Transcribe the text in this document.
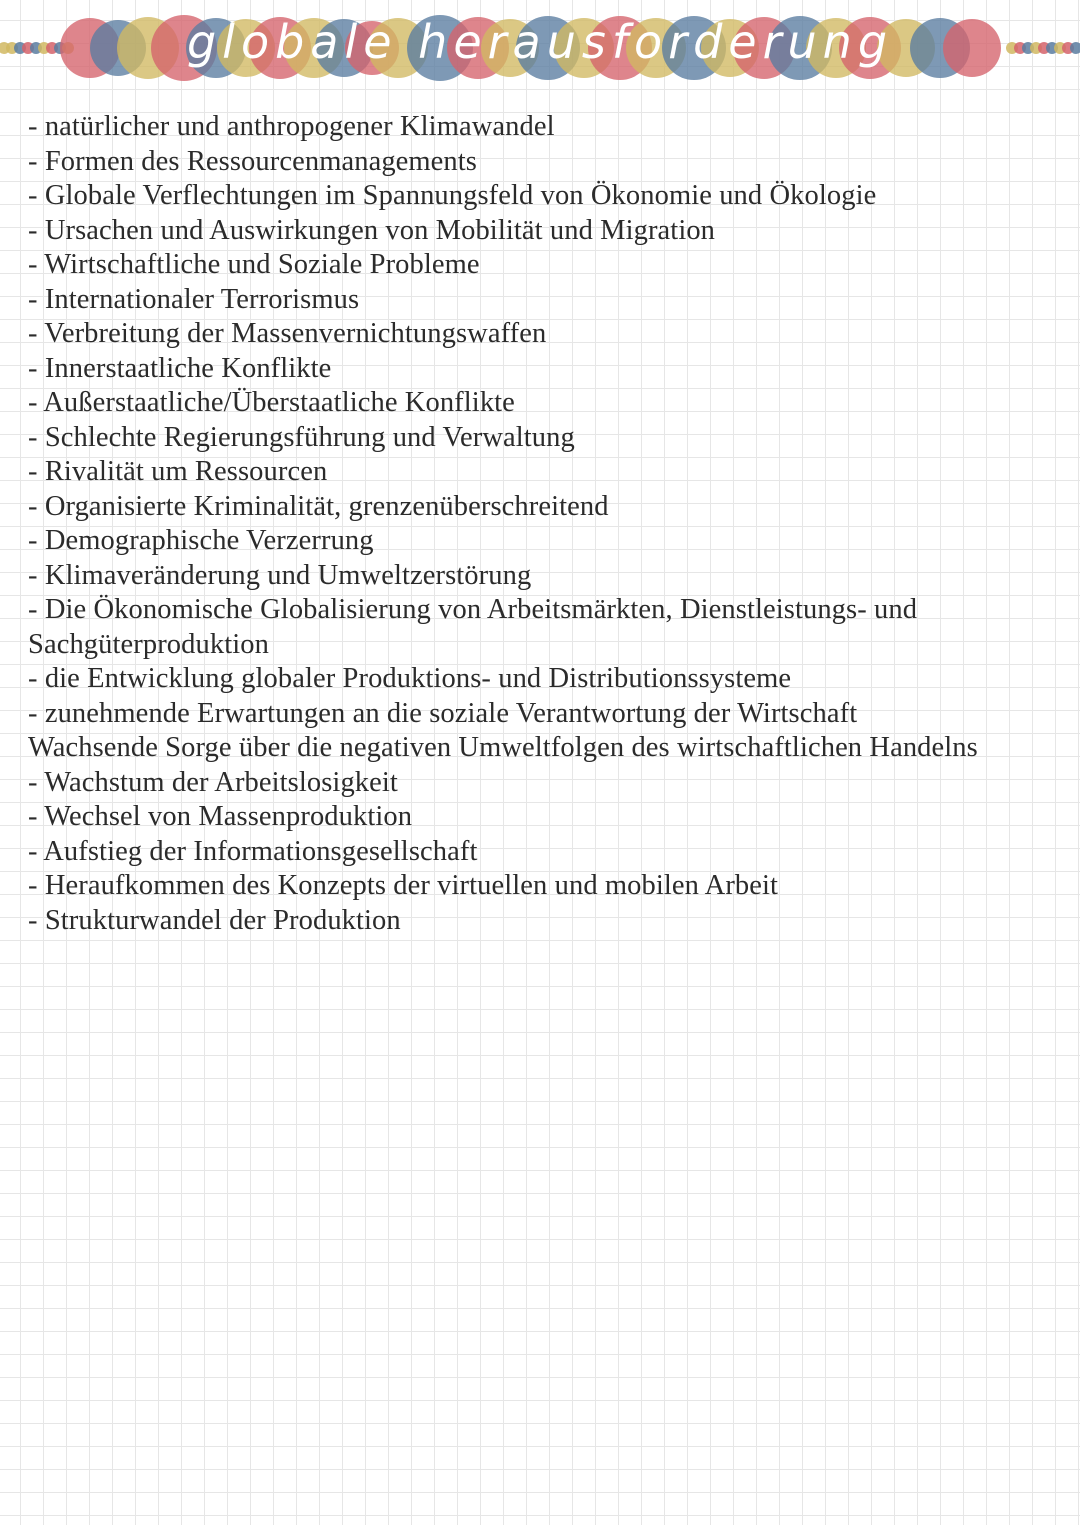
globale herausforderung
- natürlicher und anthropogener Klimawandel
- Formen des Ressourcenmanagements
- Globale Verflechtungen im Spannungsfeld von Ökonomie und Ökologie
- Ursachen und Auswirkungen von Mobilität und Migration
- Wirtschaftliche und Soziale Probleme
- Internationaler Terrorismus
- Verbreitung der Massenvernichtungswaffen
- Innerstaatliche Konflikte
- Außerstaatliche/Überstaatliche Konflikte
- Schlechte Regierungsführung und Verwaltung
- Rivalität um Ressourcen
- Organisierte Kriminalität, grenzenüberschreitend
- Demographische Verzerrung
- Klimaveränderung und Umweltzerstörung
- Die Ökonomische Globalisierung von Arbeitsmärkten, Dienstleistungs- und
Sachgüterproduktion
- die Entwicklung globaler Produktions- und Distributionssysteme
- zunehmende Erwartungen an die soziale Verantwortung der Wirtschaft
Wachsende Sorge über die negativen Umweltfolgen des wirtschaftlichen Handelns
- Wachstum der Arbeitslosigkeit
- Wechsel von Massenproduktion
- Aufstieg der Informationsgesellschaft
- Heraufkommen des Konzepts der virtuellen und mobilen Arbeit
- Strukturwandel der Produktion
